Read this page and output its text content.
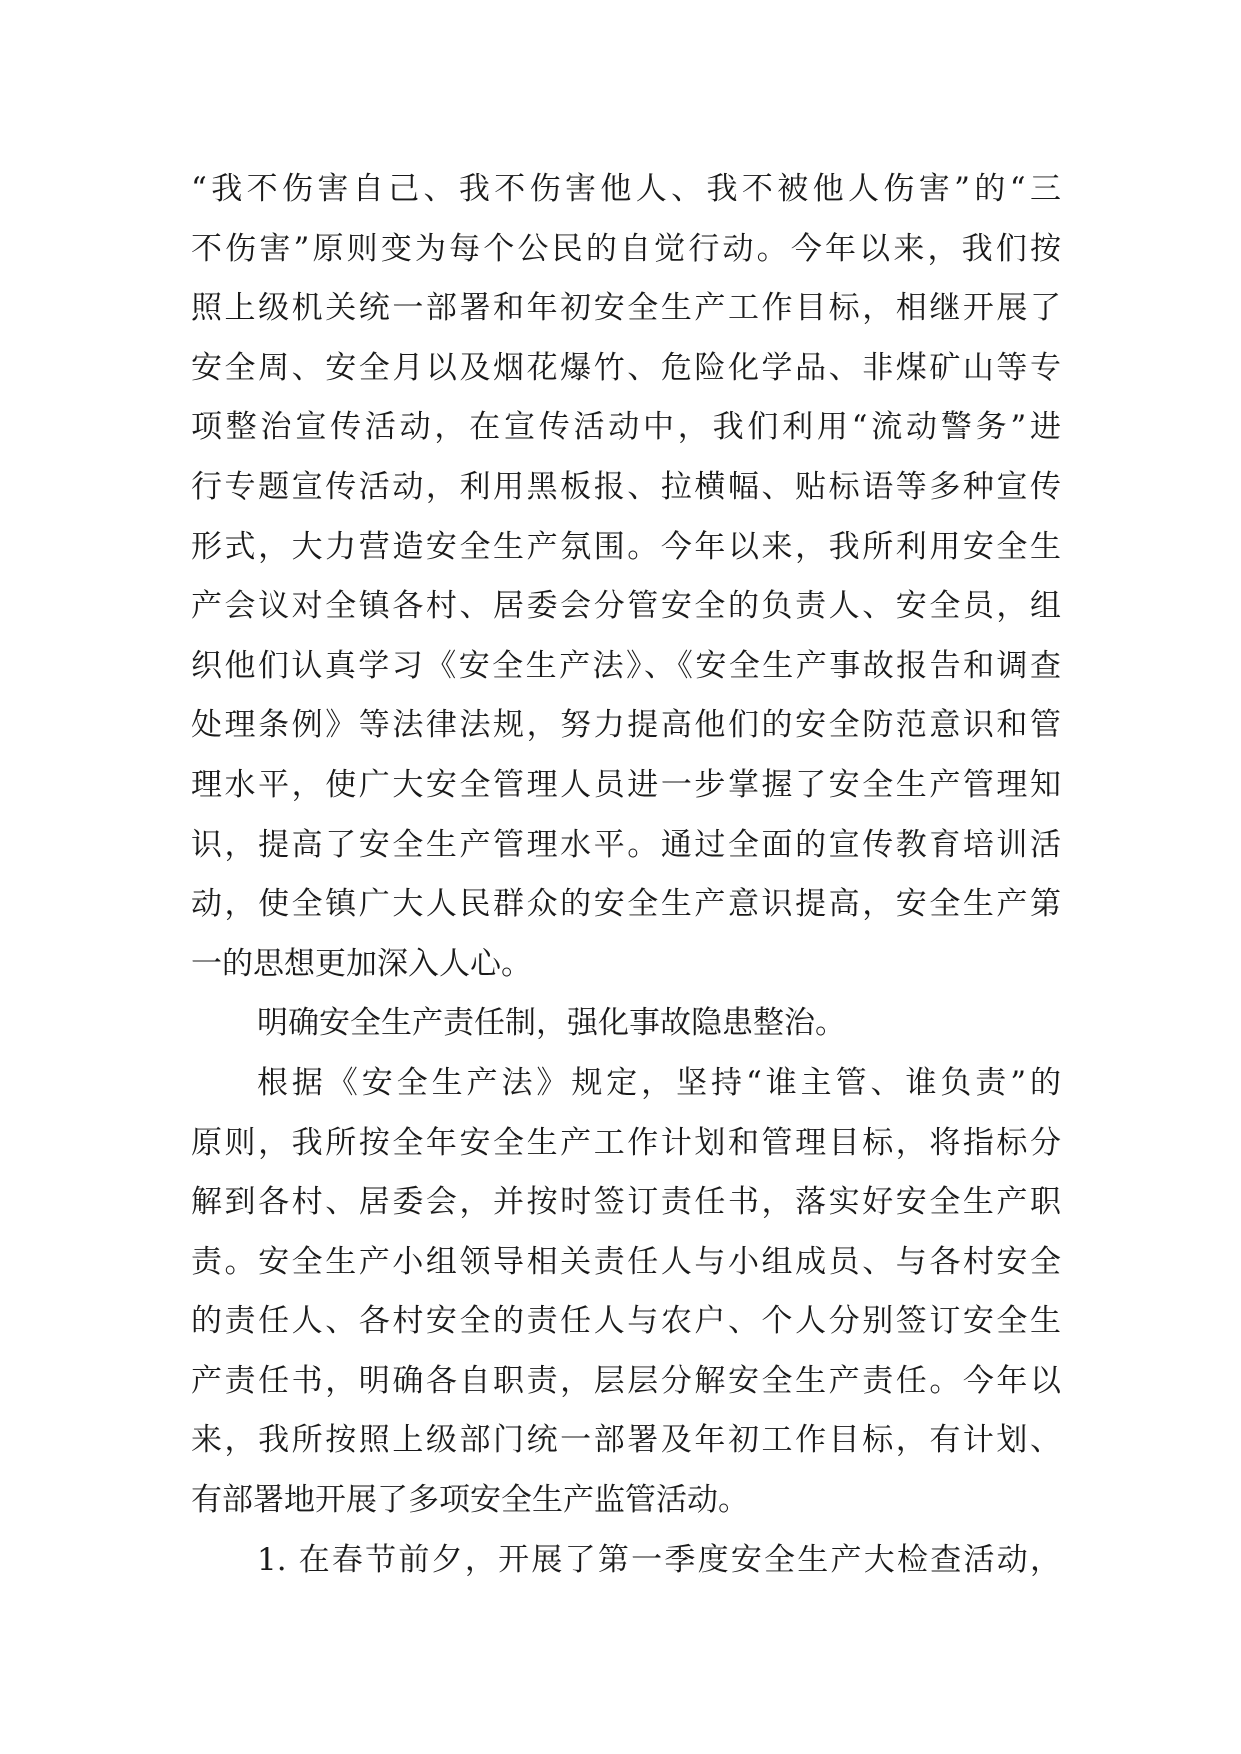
“我不伤害自己、我不伤害他人、我不被他人伤害”的“三
不伤害”原则变为每个公民的自觉行动。今年以来，我们按
照上级机关统一部署和年初安全生产工作目标，相继开展了
安全周、安全月以及烟花爆竹、危险化学品、非煤矿山等专
项整治宣传活动，在宣传活动中，我们利用“流动警务”进
行专题宣传活动，利用黑板报、拉横幅、贴标语等多种宣传
形式，大力营造安全生产氛围。今年以来，我所利用安全生
产会议对全镇各村、居委会分管安全的负责人、安全员，组
织他们认真学习《安全生产法》、《安全生产事故报告和调查
处理条例》等法律法规，努力提高他们的安全防范意识和管
理水平，使广大安全管理人员进一步掌握了安全生产管理知
识，提高了安全生产管理水平。通过全面的宣传教育培训活
动，使全镇广大人民群众的安全生产意识提高，安全生产第
一的思想更加深入人心。
明确安全生产责任制，强化事故隐患整治。
根据《安全生产法》规定，坚持“谁主管、谁负责”的
原则，我所按全年安全生产工作计划和管理目标，将指标分
解到各村、居委会，并按时签订责任书，落实好安全生产职
责。安全生产小组领导相关责任人与小组成员、与各村安全
的责任人、各村安全的责任人与农户、个人分别签订安全生
产责任书，明确各自职责，层层分解安全生产责任。今年以
来，我所按照上级部门统一部署及年初工作目标，有计划、
有部署地开展了多项安全生产监管活动。
1. 在春节前夕，开展了第一季度安全生产大检查活动，
